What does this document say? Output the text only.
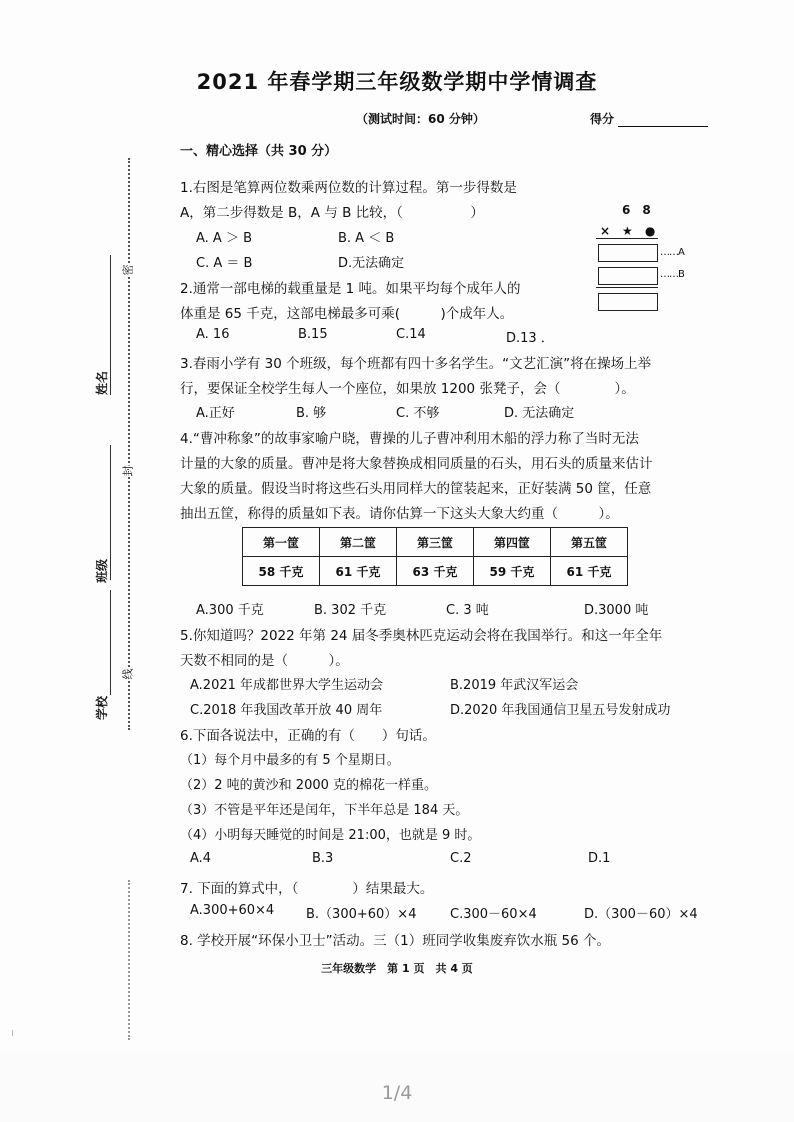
姓名
班级
学校
密
封
线
2021 年春学期三年级数学期中学情调查
（测试时间：60 分钟）	得分
一、精心选择（共 30 分）
1.右图是笔算两位数乘两位数的计算过程。第一步得数是
A，第二步得数是 B，A 与 B 比较，（　　　　　）
A. A ＞ B	B. A ＜ B
C. A ＝ B	D.无法确定
6　8
×　★　●
……A
……B
2.通常一部电梯的载重量是 1 吨。如果平均每个成年人的
体重是 65 千克，这部电梯最多可乘(　　　)个成年人。
A. 16	B.15	C.14	D.13 ．
3.春雨小学有 30 个班级，每个班都有四十多名学生。“文艺汇演”将在操场上举
行，要保证全校学生每人一个座位，如果放 1200 张凳子，会（　　　　）。
A.正好	B. 够	C. 不够	D. 无法确定
4.“曹冲称象”的故事家喻户晓，曹操的儿子曹冲利用木船的浮力称了当时无法
计量的大象的质量。曹冲是将大象替换成相同质量的石头，用石头的质量来估计
大象的质量。假设当时将这些石头用同样大的筐装起来，正好装满 50 筐，任意
抽出五筐，称得的质量如下表。请你估算一下这头大象大约重（　　　）。
第一筐	第二筐	第三筐	第四筐	第五筐
58 千克	61 千克	63 千克	59 千克	61 千克
A.300 千克	B. 302 千克	C. 3 吨	D.3000 吨
5.你知道吗？2022 年第 24 届冬季奥林匹克运动会将在我国举行。和这一年全年
天数不相同的是（　　　）。
A.2021 年成都世界大学生运动会	B.2019 年武汉军运会
C.2018 年我国改革开放 40 周年	D.2020 年我国通信卫星五号发射成功
6.下面各说法中，正确的有（　　）句话。
（1）每个月中最多的有 5 个星期日。
（2）2 吨的黄沙和 2000 克的棉花一样重。
（3）不管是平年还是闰年，下半年总是 184 天。
（4）小明每天睡觉的时间是 21:00，也就是 9 时。
A.4	B.3	C.2	D.1
7. 下面的算式中，（　　　　）结果最大。
A.300+60×4 B.（300+60）×4	C.300－60×4	D.（300－60）×4
8. 学校开展“环保小卫士”活动。三（1）班同学收集废弃饮水瓶 56 个。
三年级数学　第 1 页　共 4 页
1/4
